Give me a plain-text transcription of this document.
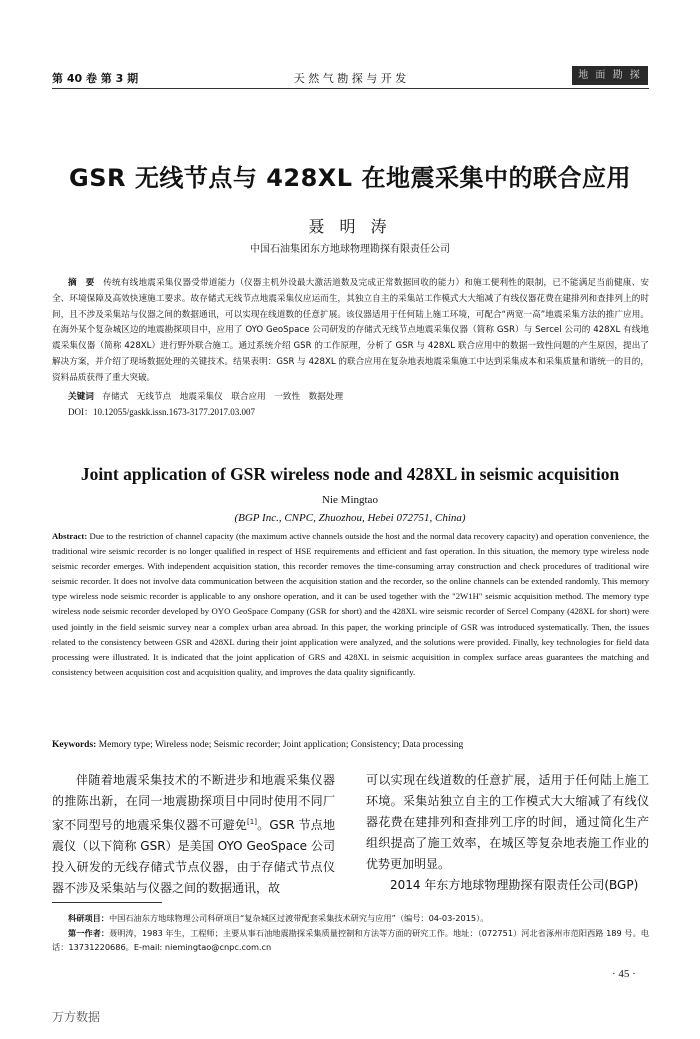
第 40 卷 第 3 期	天 然 气 勘 探 与 开 发	地 面 勘 探
GSR 无线节点与 428XL 在地震采集中的联合应用
聂 明 涛
中国石油集团东方地球物理勘探有限责任公司

摘　要　 传统有线地震采集仪器受带道能力（仪器主机外设最大激活道数及完成正常数据回收的能力）和施工便利性的限制，已不能满足当前健康、安全、环境保障及高效快速施工要求。故存储式无线节点地震采集仪应运而生，其独立自主的采集站工作模式大大缩减了有线仪器花费在建排列和查排列上的时间，且不涉及采集站与仪器之间的数据通讯，可以实现在线道数的任意扩展。该仪器适用于任何陆上施工环境，可配合“两宽一高”地震采集方法的推广应用。在海外某个复杂城区边的地震勘探项目中，应用了 OYO GeoSpace 公司研发的存储式无线节点地震采集仪器（简称 GSR）与 Sercel 公司的 428XL 有线地震采集仪器（简称 428XL）进行野外联合施工。通过系统介绍 GSR 的工作原理，分析了 GSR 与 428XL 联合应用中的数据一致性问题的产生原因，提出了解决方案，并介绍了现场数据处理的关键技术。结果表明：GSR 与 428XL 的联合应用在复杂地表地震采集施工中达到采集成本和采集质量和谐统一的目的，资料品质获得了重大突破。

关键词　 存储式　无线节点　地震采集仪　联合应用　一致性　数据处理
DOI：10.12055/gaskk.issn.1673-3177.2017.03.007
Joint application of GSR wireless node and 428XL in seismic acquisition
Nie Mingtao
(BGP Inc., CNPC, Zhuozhou, Hebei 072751, China)

Abstract: Due to the restriction of channel capacity (the maximum active channels outside the host and the normal data recovery capacity) and operation convenience, the traditional wire seismic recorder is no longer qualified in respect of HSE requirements and efficient and fast operation. In this situation, the memory type wireless node seismic recorder emerges. With independent acquisition station, this recorder removes the time-consuming array construction and check procedures of traditional wire seismic recorder. It does not involve data communication between the acquisition station and the recorder, so the online channels can be extended randomly. This memory type wireless node seismic recorder is applicable to any onshore operation, and it can be used together with the "2W1H" seismic acquisition method. The memory type wireless node seismic recorder developed by OYO GeoSpace Company (GSR for short) and the 428XL wire seismic recorder of Sercel Company (428XL for short) were used jointly in the field seismic survey near a complex urban area abroad. In this paper, the working principle of GSR was introduced systematically. Then, the issues related to the consistency between GSR and 428XL during their joint application were analyzed, and the solutions were provided. Finally, key technologies for field data processing were illustrated. It is indicated that the joint application of GRS and 428XL in seismic acquisition in complex surface areas guarantees the matching and consistency between acquisition cost and acquisition quality, and improves the data quality significantly.

Keywords: Memory type; Wireless node; Seismic recorder; Joint application; Consistency; Data processing

伴随着地震采集技术的不断进步和地震采集仪器的推陈出新，在同一地震勘探项目中同时使用不同厂家不同型号的地震采集仪器不可避免[1]。GSR 节点地震仪（以下简称 GSR）是美国 OYO GeoSpace 公司投入研发的无线存储式节点仪器，由于存储式节点仪器不涉及采集站与仪器之间的数据通讯，故

可以实现在线道数的任意扩展，适用于任何陆上施工环境。采集站独立自主的工作模式大大缩减了有线仪器花费在建排列和查排列工序的时间，通过简化生产组织提高了施工效率，在城区等复杂地表施工作业的优势更加明显。
2014 年东方地球物理勘探有限责任公司(BGP)

科研项目：中国石油东方地球物理公司科研项目“复杂城区过渡带配套采集技术研究与应用”（编号：04-03-2015）。

第一作者：聂明涛，1983 年生，工程师；主要从事石油地震勘探采集质量控制和方法等方面的研究工作。地址：（072751）河北省涿州市范阳西路 189 号。电话：13731220686。E-mail: niemingtao@cnpc.com.cn

· 45 ·
万方数据
